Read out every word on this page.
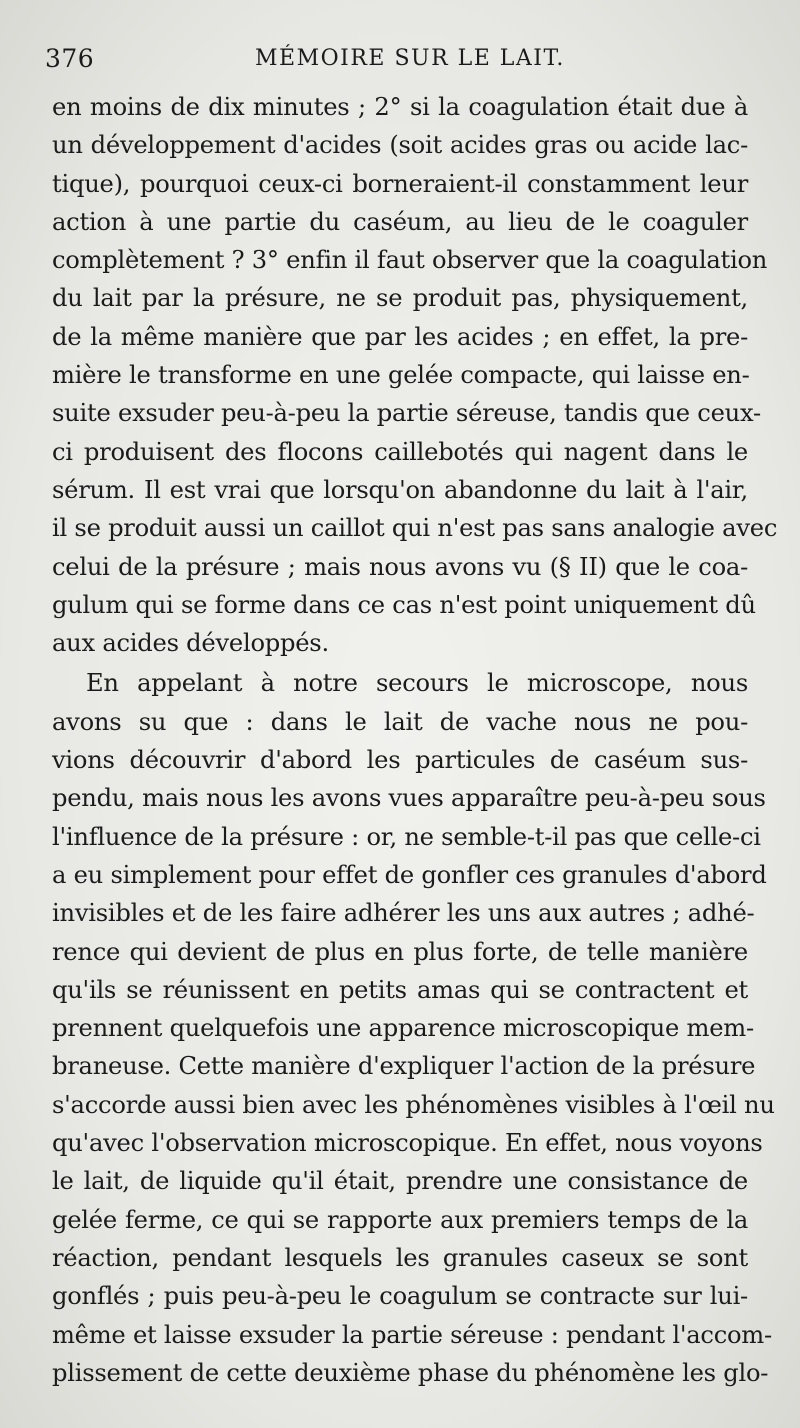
376	MÉMOIRE SUR LE LAIT.
en moins de dix minutes ; 2° si la coagulation était due à
un développement d'acides (soit acides gras ou acide lac-
tique), pourquoi ceux-ci borneraient-il constamment leur
action à une partie du caséum, au lieu de le coaguler
complètement ? 3° enfin il faut observer que la coagulation
du lait par la présure, ne se produit pas, physiquement,
de la même manière que par les acides ; en effet, la pre-
mière le transforme en une gelée compacte, qui laisse en-
suite exsuder peu-à-peu la partie séreuse, tandis que ceux-
ci produisent des flocons caillebotés qui nagent dans le
sérum. Il est vrai que lorsqu'on abandonne du lait à l'air,
il se produit aussi un caillot qui n'est pas sans analogie avec
celui de la présure ; mais nous avons vu (§ II) que le coa-
gulum qui se forme dans ce cas n'est point uniquement dû
aux acides développés.
En appelant à notre secours le microscope, nous
avons su que : dans le lait de vache nous ne pou-
vions découvrir d'abord les particules de caséum sus-
pendu, mais nous les avons vues apparaître peu-à-peu sous
l'influence de la présure : or, ne semble-t-il pas que celle-ci
a eu simplement pour effet de gonfler ces granules d'abord
invisibles et de les faire adhérer les uns aux autres ; adhé-
rence qui devient de plus en plus forte, de telle manière
qu'ils se réunissent en petits amas qui se contractent et
prennent quelquefois une apparence microscopique mem-
braneuse. Cette manière d'expliquer l'action de la présure
s'accorde aussi bien avec les phénomènes visibles à l'œil nu
qu'avec l'observation microscopique. En effet, nous voyons
le lait, de liquide qu'il était, prendre une consistance de
gelée ferme, ce qui se rapporte aux premiers temps de la
réaction, pendant lesquels les granules caseux se sont
gonflés ; puis peu-à-peu le coagulum se contracte sur lui-
même et laisse exsuder la partie séreuse : pendant l'accom-
plissement de cette deuxième phase du phénomène les glo-
